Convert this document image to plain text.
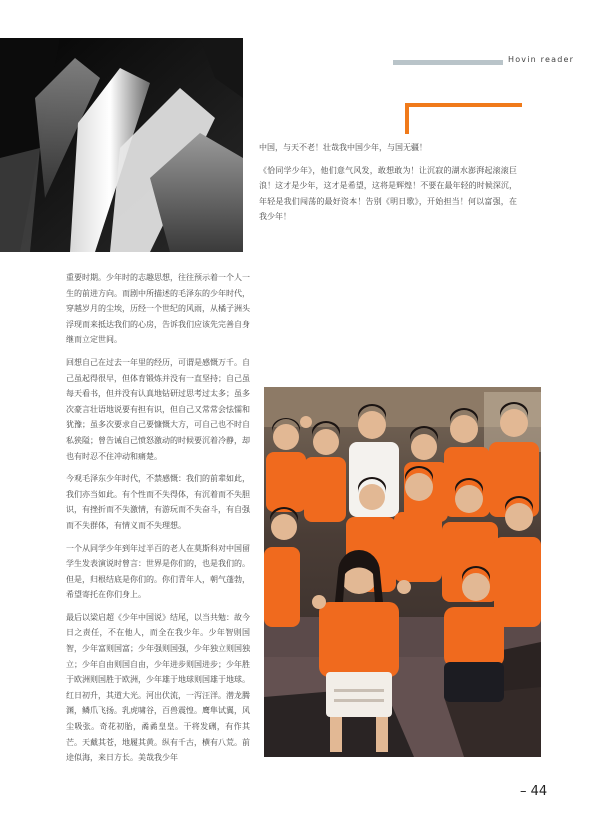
Hovin reader

中国，与天不老！壮哉我中国少年，与国无疆！

《恰同学少年》，他们意气风发，敢想敢为！让沉寂的湖水澎湃起滚滚巨浪！这才是少年，这才是希望，这将是辉煌！不要在最年轻的时候深沉，年轻是我们闯荡的最好资本！告别《明日歌》，开始担当！何以富强，在我少年！

重要时期。少年时的志趣思想，往往预示着一个人一生的前进方向。而剧中所描述的毛泽东的少年时代，穿越岁月的尘埃，历经一个世纪的风雨，从橘子洲头浮现而来抵达我们的心房，告诉我们应该先完善自身继而立定世间。

回想自己在过去一年里的经历，可谓是感慨万千。自己虽起得很早，但体育锻炼并没有一直坚持；自己虽每天看书，但并没有认真地钻研过思考过太多；虽多次豪言壮语地说要有担有识，但自己又常常会怯懦和犹豫；虽多次要求自己要慷慨大方，可自己也不时自私狭隘；曾告诫自己愤怒激动的时候要沉着冷静，却也有时忍不住冲动和痛楚。

今观毛泽东少年时代，不禁感慨：我们的前辈如此，我们亦当如此。有个性而不失得体，有沉着而不失胆识，有挫折而不失激情，有游玩而不失奋斗，有自强而不失群体，有情义而不失理想。

一个从同学少年到年过半百的老人在莫斯科对中国留学生发表演说时曾言：世界是你们的，也是我们的。但是，归根结底是你们的。你们青年人，朝气蓬勃，希望寄托在你们身上。

最后以梁启超《少年中国说》结尾，以当共勉：故今日之责任，不在他人，而全在我少年。少年智则国智，少年富则国富；少年强则国强，少年独立则国独立；少年自由则国自由，少年进步则国进步；少年胜于欧洲则国胜于欧洲，少年雄于地球则国雄于地球。红日初升，其道大光。河出伏流，一泻汪洋。潜龙腾渊，鳞爪飞扬。乳虎啸谷，百兽震惶。鹰隼试翼，风尘吸张。奇花初胎，矞矞皇皇。干将发硎，有作其芒。天戴其苍，地履其黄。纵有千古，横有八荒。前途似海，来日方长。美哉我少年

– 44
